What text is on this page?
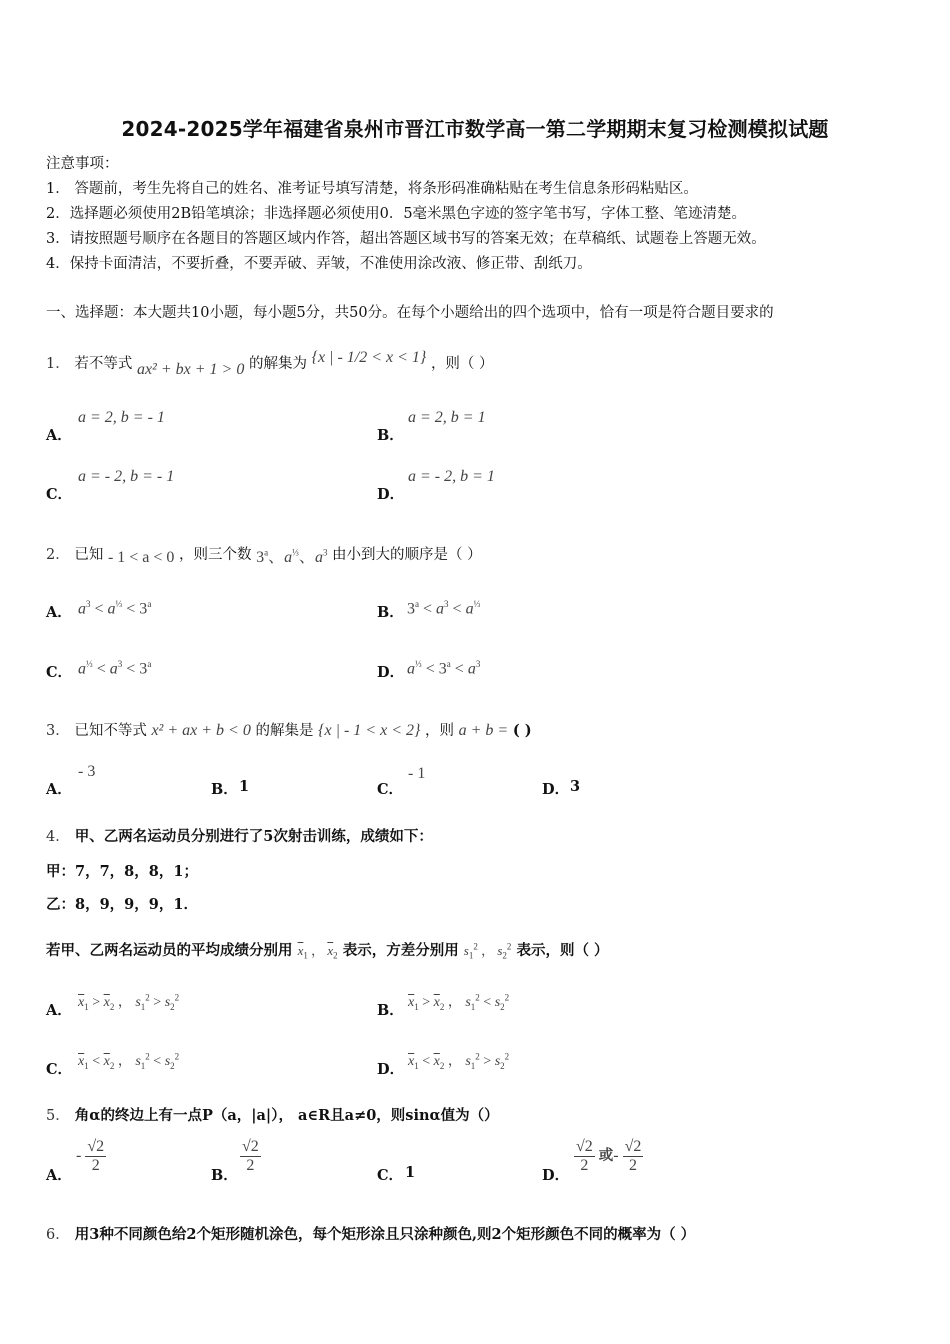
2024-2025学年福建省泉州市晋江市数学高一第二学期期末复习检测模拟试题
注意事项：
1． 答题前，考生先将自己的姓名、准考证号填写清楚，将条形码准确粘贴在考生信息条形码粘贴区。
2．选择题必须使用2B铅笔填涂；非选择题必须使用0．5毫米黑色字迹的签字笔书写，字体工整、笔迹清楚。
3．请按照题号顺序在各题目的答题区域内作答，超出答题区域书写的答案无效；在草稿纸、试题卷上答题无效。
4．保持卡面清洁，不要折叠，不要弄破、弄皱，不准使用涂改液、修正带、刮纸刀。
一、选择题：本大题共10小题，每小题5分，共50分。在每个小题给出的四个选项中，恰有一项是符合题目要求的
1． 若不等式 ax² + bx + 1 > 0 的解集为 {x | - 1/2 < x < 1} ，则（ ）
A．
a = 2, b = - 1
B．
a = 2, b = 1
C．
a = - 2, b = - 1
D．
a = - 2, b = 1
2． 已知 - 1 < a < 0 ，则三个数 3$^a$、$a^{\frac{1}{3}}$、$a^3$ 由小到大的顺序是（ ）
A． $a^3 < a^{\frac{1}{3}} < 3^a$	B． $3^a < a^3 < a^{\frac{1}{3}}$
C． $a^{\frac{1}{3}} < a^3 < 3^a$	D． $a^{\frac{1}{3}} < 3^a < a^3$
3． 已知不等式 x² + ax + b < 0 的解集是 {x | - 1 < x < 2} ，则 a + b = ( )
A．
- 3
B． 1	C．
- 1
D． 3
4． 甲、乙两名运动员分别进行了5次射击训练，成绩如下：
甲：7，7，8，8，1；
乙：8，9，9，9，1．
若甲、乙两名运动员的平均成绩分别用 $\overline{x}_1$ ， $\overline{x}_2$ 表示，方差分别用 $s_1^2$ ， $s_2^2$ 表示，则（ ）
A． $\overline{x}_1 > \overline{x}_2$ ， $s_1^2 > s_2^2$
B． $\overline{x}_1 > \overline{x}_2$ ， $s_1^2 < s_2^2$
C． $\overline{x}_1 < \overline{x}_2$ ， $s_1^2 < s_2^2$
D． $\overline{x}_1 < \overline{x}_2$ ， $s_1^2 > s_2^2$
5． 角α的终边上有一点P（a，|a|）， a∈R且a≠0，则sinα值为（）
A．
- $\frac{√2}{2}$
B．
$\frac{√2}{2}$
C． 1	D．
$\frac{√2}{2}$ 或- $\frac{√2}{2}$
6． 用3种不同颜色给2个矩形随机涂色，每个矩形涂且只涂种颜色,则2个矩形颜色不同的概率为（ ）
